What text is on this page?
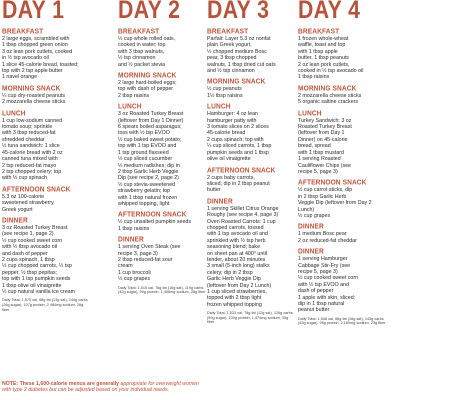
DAY 1
BREAKFAST
2 large eggs, scrambled with
1 tbsp chopped green onion
3 oz lean pork cutlets, cooked
in ½ tsp avocado oil
1 slice 45-calorie bread, toasted;
top with 2 tsp apple butter
1 navel orange
MORNING SNACK
¼ cup dry-roasted peanuts
2 mozzarella cheese sticks
LUNCH
1 cup low-sodium canned
tomato soup; sprinkle
with 3 tbsp reduced-fat
shredded cheddar
½ tuna sandwich: 1 slice
45-calorie bread with 2 oz
canned tuna mixed with
2 tsp reduced-fat mayo
2 tsp chopped celery; top
with ½ cup spinach
AFTERNOON SNACK
5.3 oz 100-calorie
sweetened strawberry
Greek yogurt
DINNER
3 oz Roasted Turkey Breast
(see recipe 1, page 2)
½ cup cooked sweet corn
with ½ tbsp avocado oil
and dash of pepper
2 cups spinach, 1 tbsp
½ cup chopped carrots, ½ tsp
pepper, ½ tbsp pepitas;
top with 1 tsp pumpkin seeds
1 tbsp olive oil vinaigrette
½ cup natural vanilla ice cream
Daily Total: 1,575 cal, 68g fat (13g sat), 144g carbs (26g sugar), 107g protein, 2,480mg sodium, 26g fiber
DAY 2
BREAKFAST
½ cup whole rolled oats,
cooked in water; top
with 3 tbsp walnuts,
½ tsp cinnamon
and ½ packet stevia
MORNING SNACK
2 large hard-boiled eggs;
top with dash of pepper
2 tbsp raisins
LUNCH
3 oz Roasted Turkey Breast
(leftover from Day 1 Dinner)
6 spears boiled asparagus;
toss with ½ tsp EVOO
½ cup baked sweet potato;
top with 1 tsp EVOO and
1 tsp ground flaxseed
½ cup sliced cucumber
½ medium radishes; dip in
2 tbsp Garlic Herb Veggie
Dip (see recipe 2, page 2)
½ cup stevia-sweetened
strawberry gelatin; top
with 1 tbsp natural frozen
whipped topping, light
AFTERNOON SNACK
½ cup unsalted pumpkin seeds
1 tbsp raisins
DINNER
1 serving Oven Steak (see
recipe 3, page 3)
2 tbsp reduced-fat sour
cream
1 cup broccoli
½ cup grapes
Daily Total: 1,515 cal, 76g fat (16g sat), 119g carbs (42g sugar), 99g protein, 1,456mg sodium, 28g fiber
DAY 3
BREAKFAST
Parfait: Layer 5.3 oz nonfat
plain Greek yogurt,
½ chopped medium Bosc
pear, 3 tbsp chopped
walnuts, 1 tbsp dried cut oats
and ½ tsp cinnamon
MORNING SNACK
½ cup peanuts
1½ tbsp raisins
LUNCH
Hamburger: 4 oz lean
hamburger patty with
3 tomato slices on 2 slices
45-calorie bread
2 cups spinach; top with
¼ cup sliced carrots, 1 tbsp
pumpkin seeds and 1 tbsp
olive oil vinaigrette
AFTERNOON SNACK
2 cups baby carrots,
sliced; dip in 2 tbsp peanut
butter
DINNER
1 serving Skillet Citrus Orange
Roughy (see recipe 4, page 3)
Oven Roasted Carrots: 1 cup
chopped carrots, tossed
with 1 tsp avocado oil and
sprinkled with ½ tsp herb
seasoning blend; bake
on sheet pan at 400° until
tender, about 20 minutes
3 small (5-inch long) stalks
celery; dip in 2 tbsp
Garlic Herb Veggie Dip
(leftover from Day 2 Lunch)
1 cup sliced strawberries,
topped with 2 tbsp light
frozen whipped topping
Daily Total: 1,533 cal, 78g fat (12g sat), 126g carbs (59g sugar), 100g protein, 1,474mg sodium, 35g fiber
DAY 4
BREAKFAST
1 frozen whole-wheat
waffle, toast and top
with 1 tbsp apple
butter, 1 tbsp peanuts
2 oz lean pork cutlets,
cooked in ½ tsp avocado oil
1 tbsp raisins
MORNING SNACK
2 mozzarella cheese sticks
5 organic saltine crackers
LUNCH
Turkey Sandwich: 3 oz
Roasted Turkey Breast
(leftover from Day 1
Dinner) on 45-calorie
bread, spread
with 1 tbsp mustard
1 serving Roasted
Cauliflower Chips (see
recipe 5, page 3)
AFTERNOON SNACK
½ cup carrot sticks, dip
in 2 tbsp Garlic Herb
Veggie Dip (leftover from Day 2
Lunch)
½ cup grapes
DINNER
1 medium Bosc pear
2 oz reduced-fat cheddar
DINNER
1 serving Hamburger
Cabbage Stir-Fry (see
recipe 5, page 3)
½ cup cooked sweet corn
with ½ tsp EVOO and
dash of pepper
1 apple with skin, sliced;
dip in 1 tbsp natural
peanut butter
Daily Total: 1,548 cal, 66g fat (16g sat), 143g carbs (43g sugar), 99g protein, 2,180mg sodium, 23g fiber
NOTE: These 1,600-calorie menus are generally appropriate for overweight women with type 2 diabetes but can be adjusted based on your individual needs.
